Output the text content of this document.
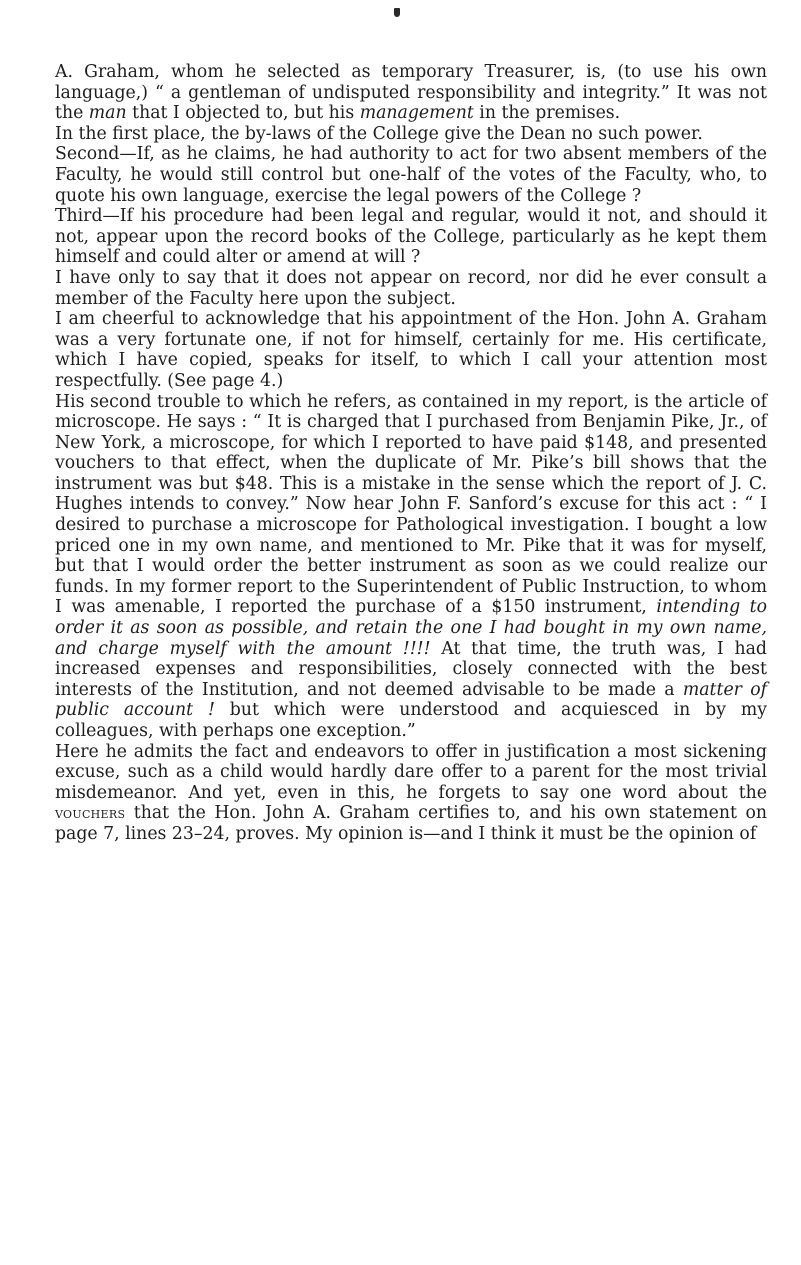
A. Graham, whom he selected as temporary Treasurer, is, (to use his own language,) “ a gentleman of undisputed responsibility and integrity.” It was not the man that I objected to, but his management in the premises.

In the first place, the by-laws of the College give the Dean no such power.

Second—If, as he claims, he had authority to act for two absent members of the Faculty, he would still control but one-half of the votes of the Faculty, who, to quote his own language, exercise the legal powers of the College ?

Third—If his procedure had been legal and regular, would it not, and should it not, appear upon the record books of the College, particularly as he kept them himself and could alter or amend at will ?

I have only to say that it does not appear on record, nor did he ever consult a member of the Faculty here upon the subject.

I am cheerful to acknowledge that his appointment of the Hon. John A. Graham was a very fortunate one, if not for himself, certainly for me. His certificate, which I have copied, speaks for itself, to which I call your attention most respectfully. (See page 4.)

His second trouble to which he refers, as contained in my report, is the article of microscope. He says : “ It is charged that I purchased from Benjamin Pike, Jr., of New York, a microscope, for which I reported to have paid $148, and presented vouchers to that effect, when the duplicate of Mr. Pike’s bill shows that the instrument was but $48. This is a mistake in the sense which the report of J. C. Hughes intends to convey.” Now hear John F. Sanford’s excuse for this act : “ I desired to purchase a microscope for Pathological investigation. I bought a low priced one in my own name, and mentioned to Mr. Pike that it was for myself, but that I would order the better instrument as soon as we could realize our funds. In my former report to the Superintendent of Public Instruction, to whom I was amenable, I reported the purchase of a $150 instrument, intending to order it as soon as possible, and retain the one I had bought in my own name, and charge myself with the amount !!!! At that time, the truth was, I had increased expenses and responsibilities, closely connected with the best interests of the Institution, and not deemed advisable to be made a matter of public account ! but which were understood and acquiesced in by my colleagues, with perhaps one exception.”

Here he admits the fact and endeavors to offer in justification a most sickening excuse, such as a child would hardly dare offer to a parent for the most trivial misdemeanor. And yet, even in this, he forgets to say one word about the vouchers that the Hon. John A. Graham certifies to, and his own statement on page 7, lines 23–24, proves. My opinion is—and I think it must be the opinion of
